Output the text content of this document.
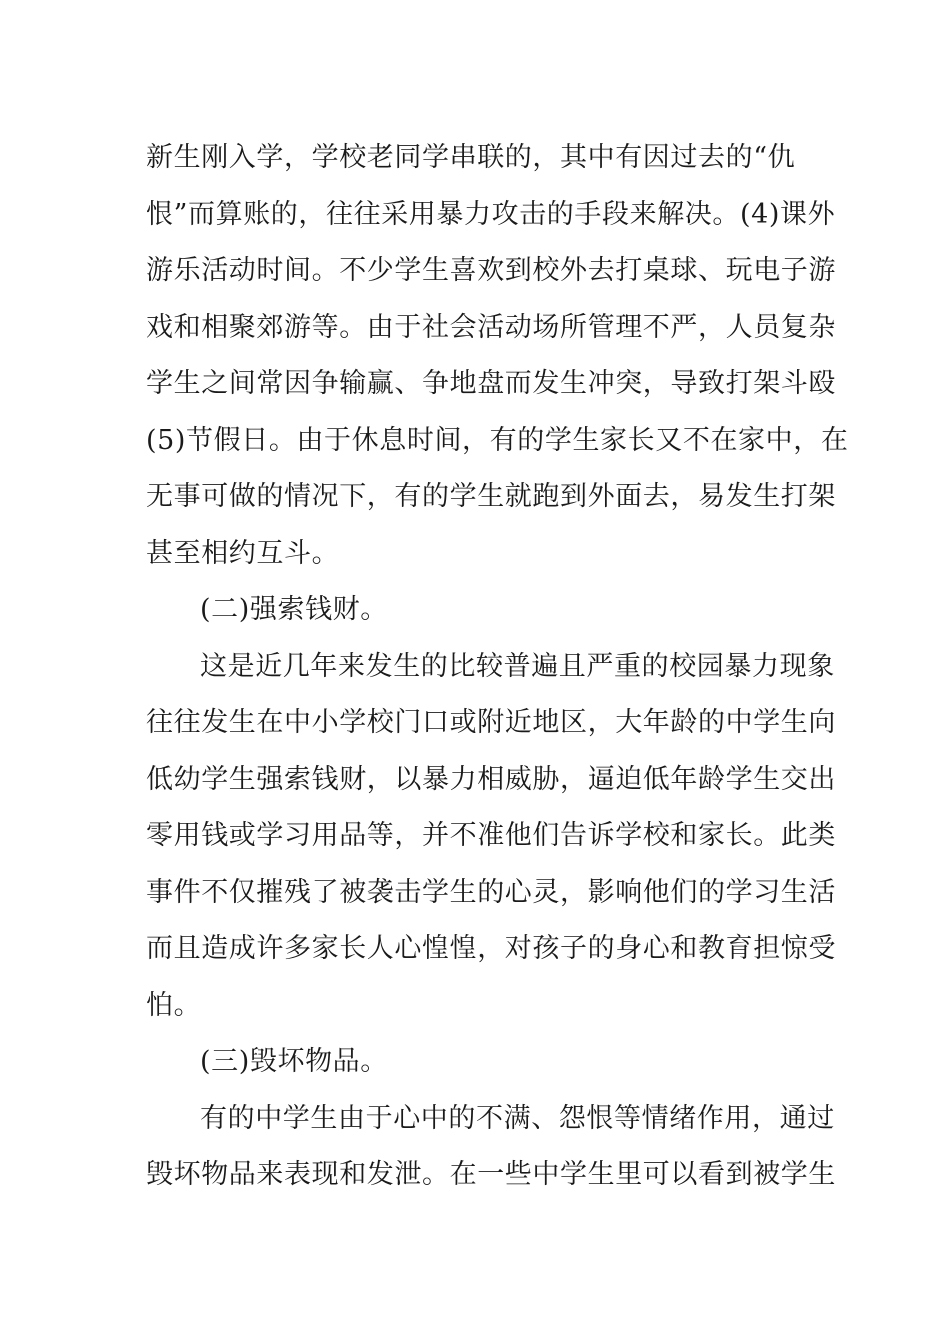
新生刚入学，学校老同学串联的，其中有因过去的“仇
恨”而算账的，往往采用暴力攻击的手段来解决。(4)课外
游乐活动时间。不少学生喜欢到校外去打桌球、玩电子游
戏和相聚郊游等。由于社会活动场所管理不严，人员复杂
学生之间常因争输赢、争地盘而发生冲突，导致打架斗殴
(5)节假日。由于休息时间，有的学生家长又不在家中，在
无事可做的情况下，有的学生就跑到外面去，易发生打架
甚至相约互斗。
(二)强索钱财。
这是近几年来发生的比较普遍且严重的校园暴力现象
往往发生在中小学校门口或附近地区，大年龄的中学生向
低幼学生强索钱财，以暴力相威胁，逼迫低年龄学生交出
零用钱或学习用品等，并不准他们告诉学校和家长。此类
事件不仅摧残了被袭击学生的心灵，影响他们的学习生活
而且造成许多家长人心惶惶，对孩子的身心和教育担惊受
怕。
(三)毁坏物品。
有的中学生由于心中的不满、怨恨等情绪作用，通过
毁坏物品来表现和发泄。在一些中学生里可以看到被学生
